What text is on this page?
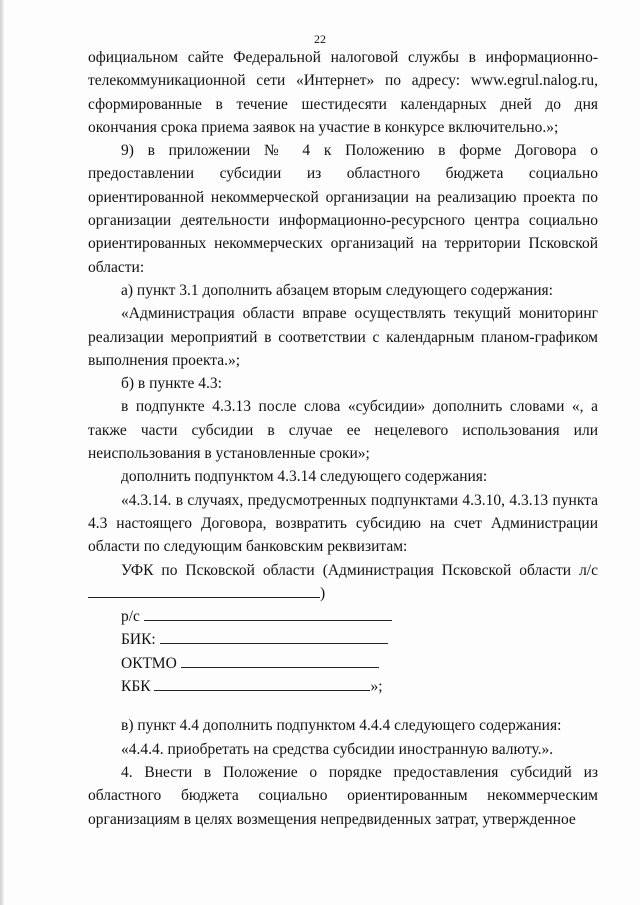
22

официальном сайте Федеральной налоговой службы в информационно-телекоммуникационной сети «Интернет» по адресу: www.egrul.nalog.ru, сформированные в течение шестидесяти календарных дней до дня окончания срока приема заявок на участие в конкурсе включительно.»;

9) в приложении № 4 к Положению в форме Договора о предоставлении субсидии из областного бюджета социально ориентированной некоммерческой организации на реализацию проекта по организации деятельности информационно-ресурсного центра социально ориентированных некоммерческих организаций на территории Псковской области:

а) пункт 3.1 дополнить абзацем вторым следующего содержания:

«Администрация области вправе осуществлять текущий мониторинг реализации мероприятий в соответствии с календарным планом-графиком выполнения проекта.»;

б) в пункте 4.3:

в подпункте 4.3.13 после слова «субсидии» дополнить словами «, а также части субсидии в случае ее нецелевого использования или неиспользования в установленные сроки»;

дополнить подпунктом 4.3.14 следующего содержания:

«4.3.14. в случаях, предусмотренных подпунктами 4.3.10, 4.3.13 пункта 4.3 настоящего Договора, возвратить субсидию на счет Администрации области по следующим банковским реквизитам:

УФК по Псковской области (Администрация Псковской области л/с)

р/с

БИК:

ОКТМО

КБК	»;

в) пункт 4.4 дополнить подпунктом 4.4.4 следующего содержания:

«4.4.4. приобретать на средства субсидии иностранную валюту.».

4. Внести в Положение о порядке предоставления субсидий из областного бюджета социально ориентированным некоммерческим организациям в целях возмещения непредвиденных затрат, утвержденное
